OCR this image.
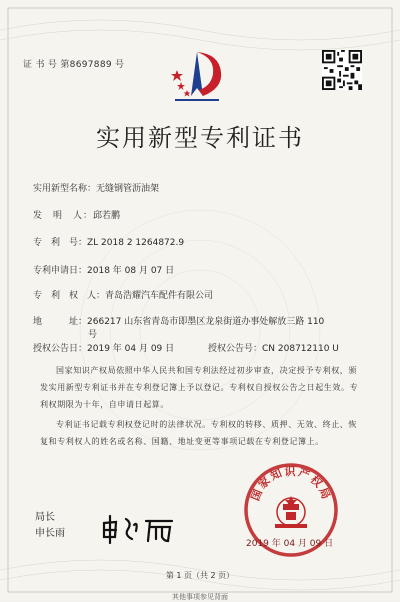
证 书 号 第8697889 号
实用新型专利证书
实用新型名称：无缝钢管沥油架
发　明　人：邱若鹏
专　利　号：ZL 2018 2 1264872.9
专利申请日：2018 年 08 月 07 日
专　利　权　人：青岛浩耀汽车配件有限公司
地　　　址：266217 山东省青岛市即墨区龙泉街道办事处解放三路 110
号
授权公告日：2019 年 04 月 09 日	授权公告号：CN 208712110 U
国家知识产权局依照中华人民共和国专利法经过初步审查，决定授予专利权，颁发实用新型专利证书并在专利登记簿上予以登记。专利权自授权公告之日起生效。专利权期限为十年，自申请日起算。
专利证书记载专利权登记时的法律状况。专利权的转移、质押、无效、终止、恢复和专利权人的姓名或名称、国籍、地址变更等事项记载在专利登记簿上。
局长
申长雨
国家知识产权局
2019 年 04 月 09 日
第 1 页（共 2 页）
其他事项参见背面
